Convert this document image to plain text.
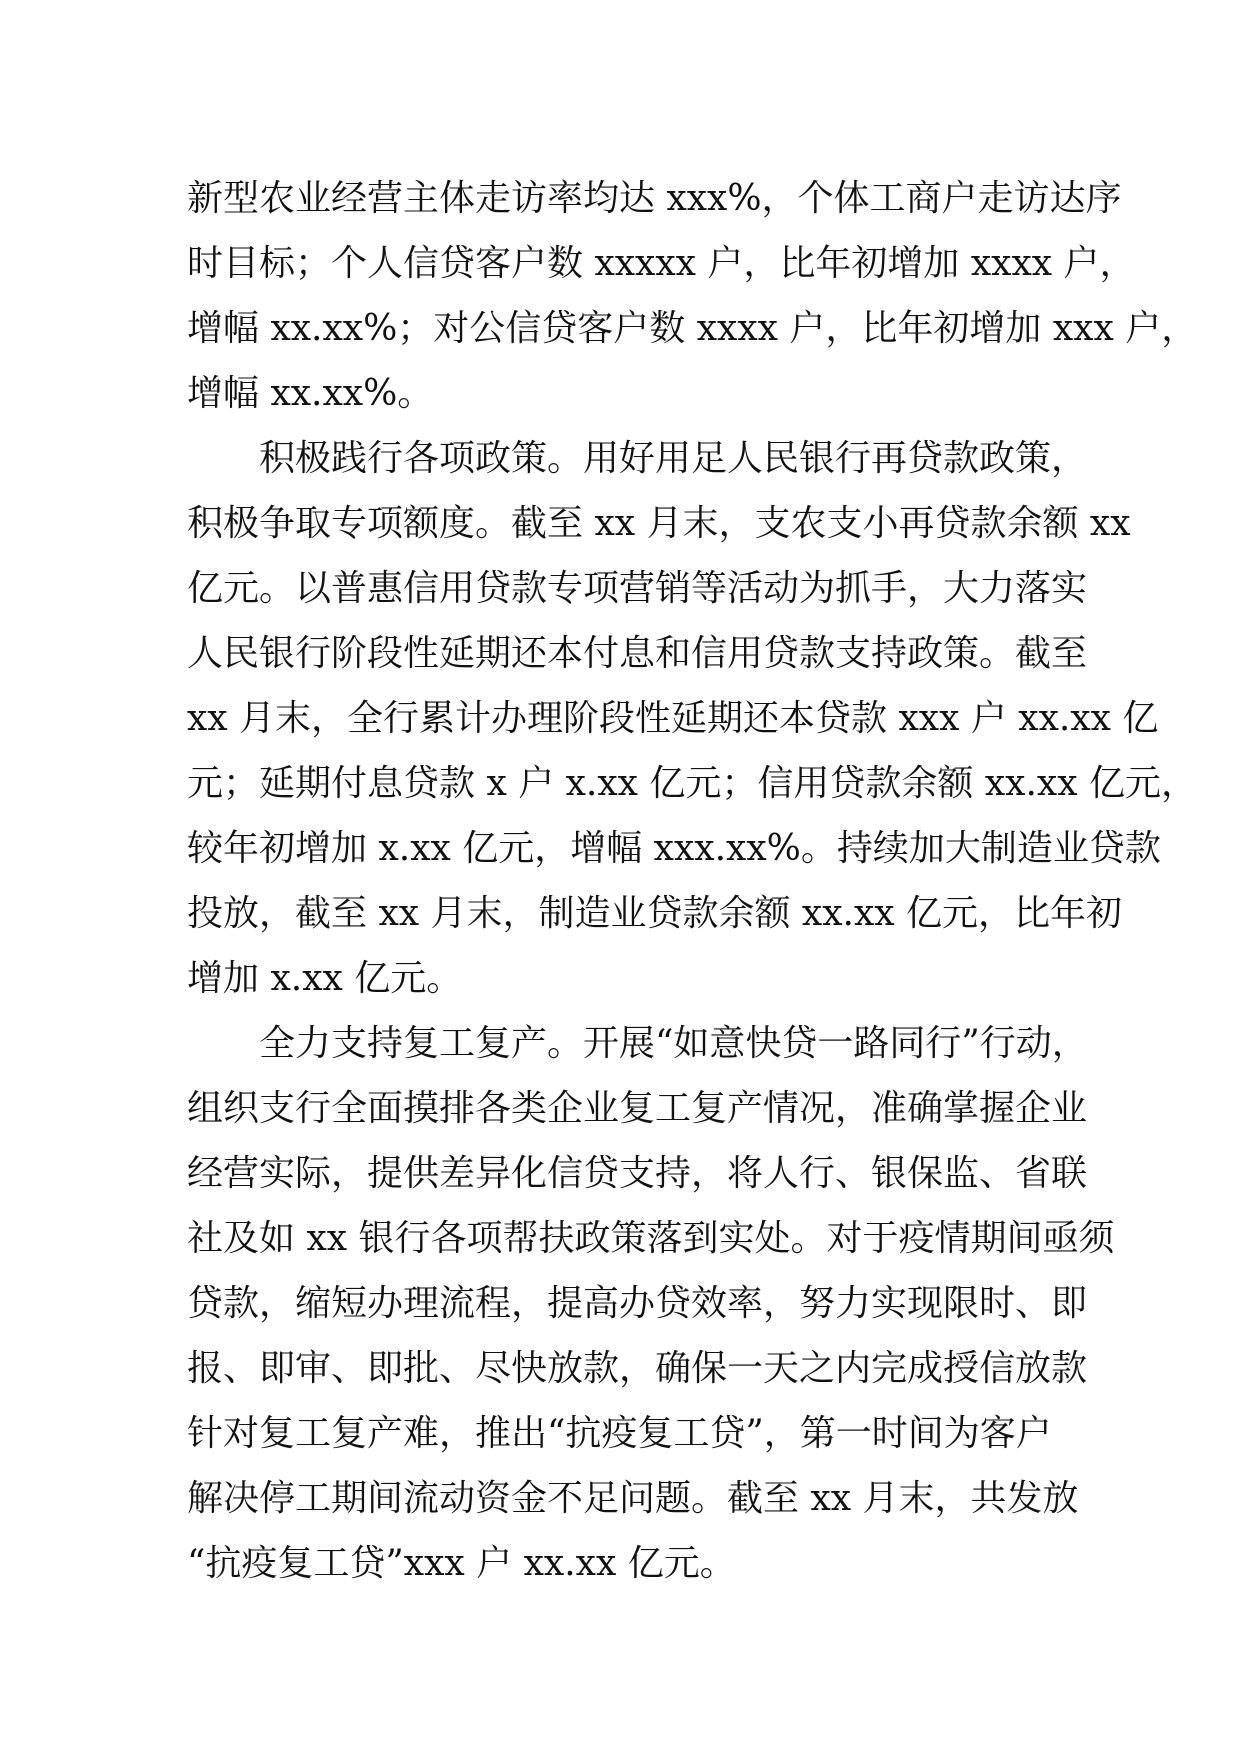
新型农业经营主体走访率均达 xxx%，个体工商户走访达序
时目标；个人信贷客户数 xxxxx 户，比年初增加 xxxx 户，
增幅 xx.xx%；对公信贷客户数 xxxx 户，比年初增加 xxx 户，
增幅 xx.xx%。

积极践行各项政策。用好用足人民银行再贷款政策，
积极争取专项额度。截至 xx 月末，支农支小再贷款余额 xx
亿元。以普惠信用贷款专项营销等活动为抓手，大力落实
人民银行阶段性延期还本付息和信用贷款支持政策。截至
xx 月末，全行累计办理阶段性延期还本贷款 xxx 户 xx.xx 亿
元；延期付息贷款 x 户 x.xx 亿元；信用贷款余额 xx.xx 亿元，
较年初增加 x.xx 亿元，增幅 xxx.xx%。持续加大制造业贷款
投放，截至 xx 月末，制造业贷款余额 xx.xx 亿元，比年初
增加 x.xx 亿元。

全力支持复工复产。开展“如意快贷一路同行”行动，
组织支行全面摸排各类企业复工复产情况，准确掌握企业
经营实际，提供差异化信贷支持，将人行、银保监、省联
社及如 xx 银行各项帮扶政策落到实处。对于疫情期间亟须
贷款，缩短办理流程，提高办贷效率，努力实现限时、即
报、即审、即批、尽快放款，确保一天之内完成授信放款
针对复工复产难，推出“抗疫复工贷”，第一时间为客户
解决停工期间流动资金不足问题。截至 xx 月末，共发放
“抗疫复工贷”xxx 户 xx.xx 亿元。
